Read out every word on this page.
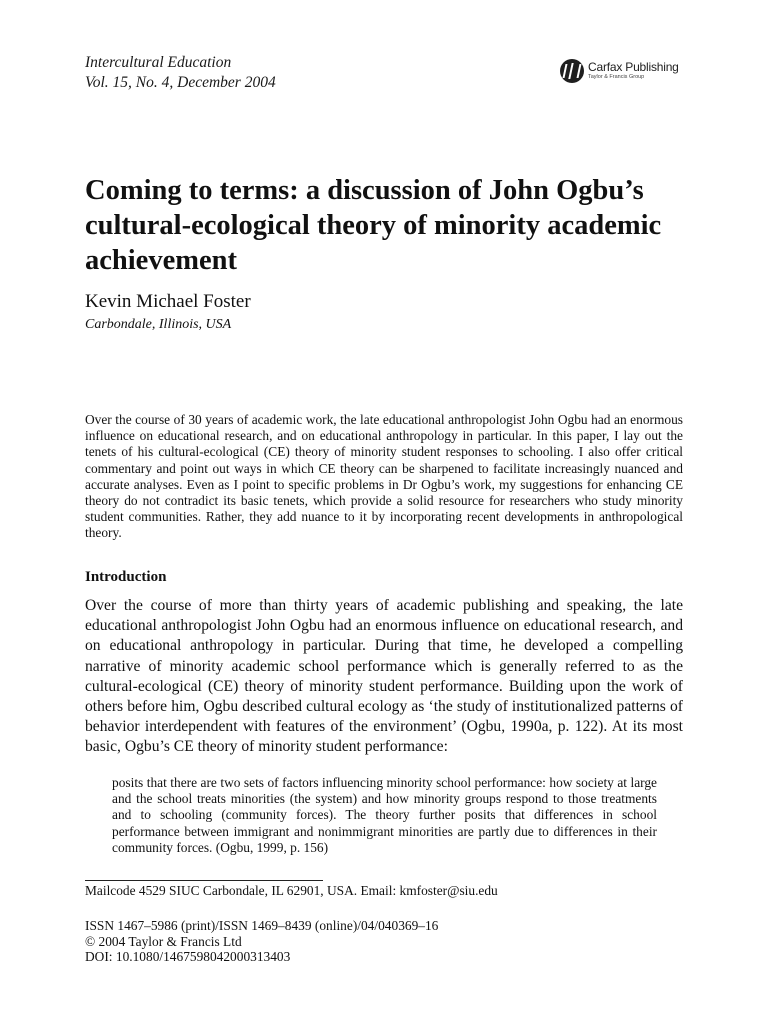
Intercultural Education
Vol. 15, No. 4, December 2004
Carfax Publishing
Taylor & Francis Group
Coming to terms: a discussion of John Ogbu’s cultural-ecological theory of minority academic achievement
Kevin Michael Foster
Carbondale, Illinois, USA

Over the course of 30 years of academic work, the late educational anthropologist John Ogbu had an enormous influence on educational research, and on educational anthropology in particular. In this paper, I lay out the tenets of his cultural-ecological (CE) theory of minority student responses to schooling. I also offer critical commentary and point out ways in which CE theory can be sharpened to facilitate increasingly nuanced and accurate analyses. Even as I point to specific problems in Dr Ogbu’s work, my suggestions for enhancing CE theory do not contradict its basic tenets, which provide a solid resource for researchers who study minority student communities. Rather, they add nuance to it by incorporating recent developments in anthropological theory.

Introduction

Over the course of more than thirty years of academic publishing and speaking, the late educational anthropologist John Ogbu had an enormous influence on educational research, and on educational anthropology in particular. During that time, he developed a compelling narrative of minority academic school performance which is generally referred to as the cultural-ecological (CE) theory of minority student performance. Building upon the work of others before him, Ogbu described cultural ecology as ‘the study of institutionalized patterns of behavior interdependent with features of the environment’ (Ogbu, 1990a, p. 122). At its most basic, Ogbu’s CE theory of minority student performance:

posits that there are two sets of factors influencing minority school performance: how society at large and the school treats minorities (the system) and how minority groups respond to those treatments and to schooling (community forces). The theory further posits that differences in school performance between immigrant and nonimmigrant minorities are partly due to differences in their community forces. (Ogbu, 1999, p. 156)

Mailcode 4529 SIUC Carbondale, IL 62901, USA. Email: kmfoster@siu.edu
ISSN 1467–5986 (print)/ISSN 1469–8439 (online)/04/040369–16
© 2004 Taylor & Francis Ltd
DOI: 10.1080/1467598042000313403
